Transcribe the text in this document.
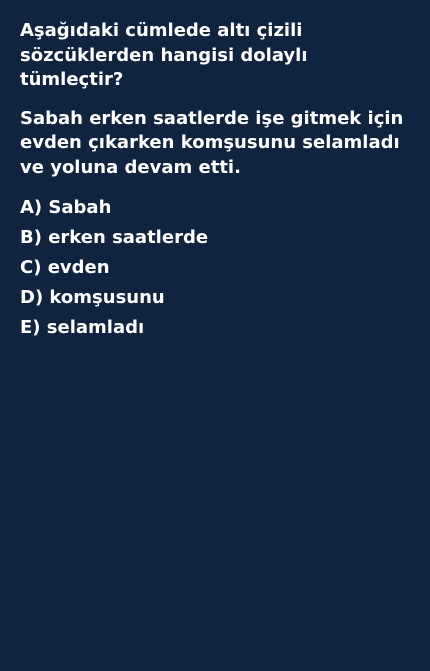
Aşağıdaki cümlede altı çizili sözcüklerden hangisi dolaylı tümleçtir?

Sabah erken saatlerde işe gitmek için evden çıkarken komşusunu selamladı ve yoluna devam etti.

A) Sabah
B) erken saatlerde
C) evden
D) komşusunu
E) selamladı
